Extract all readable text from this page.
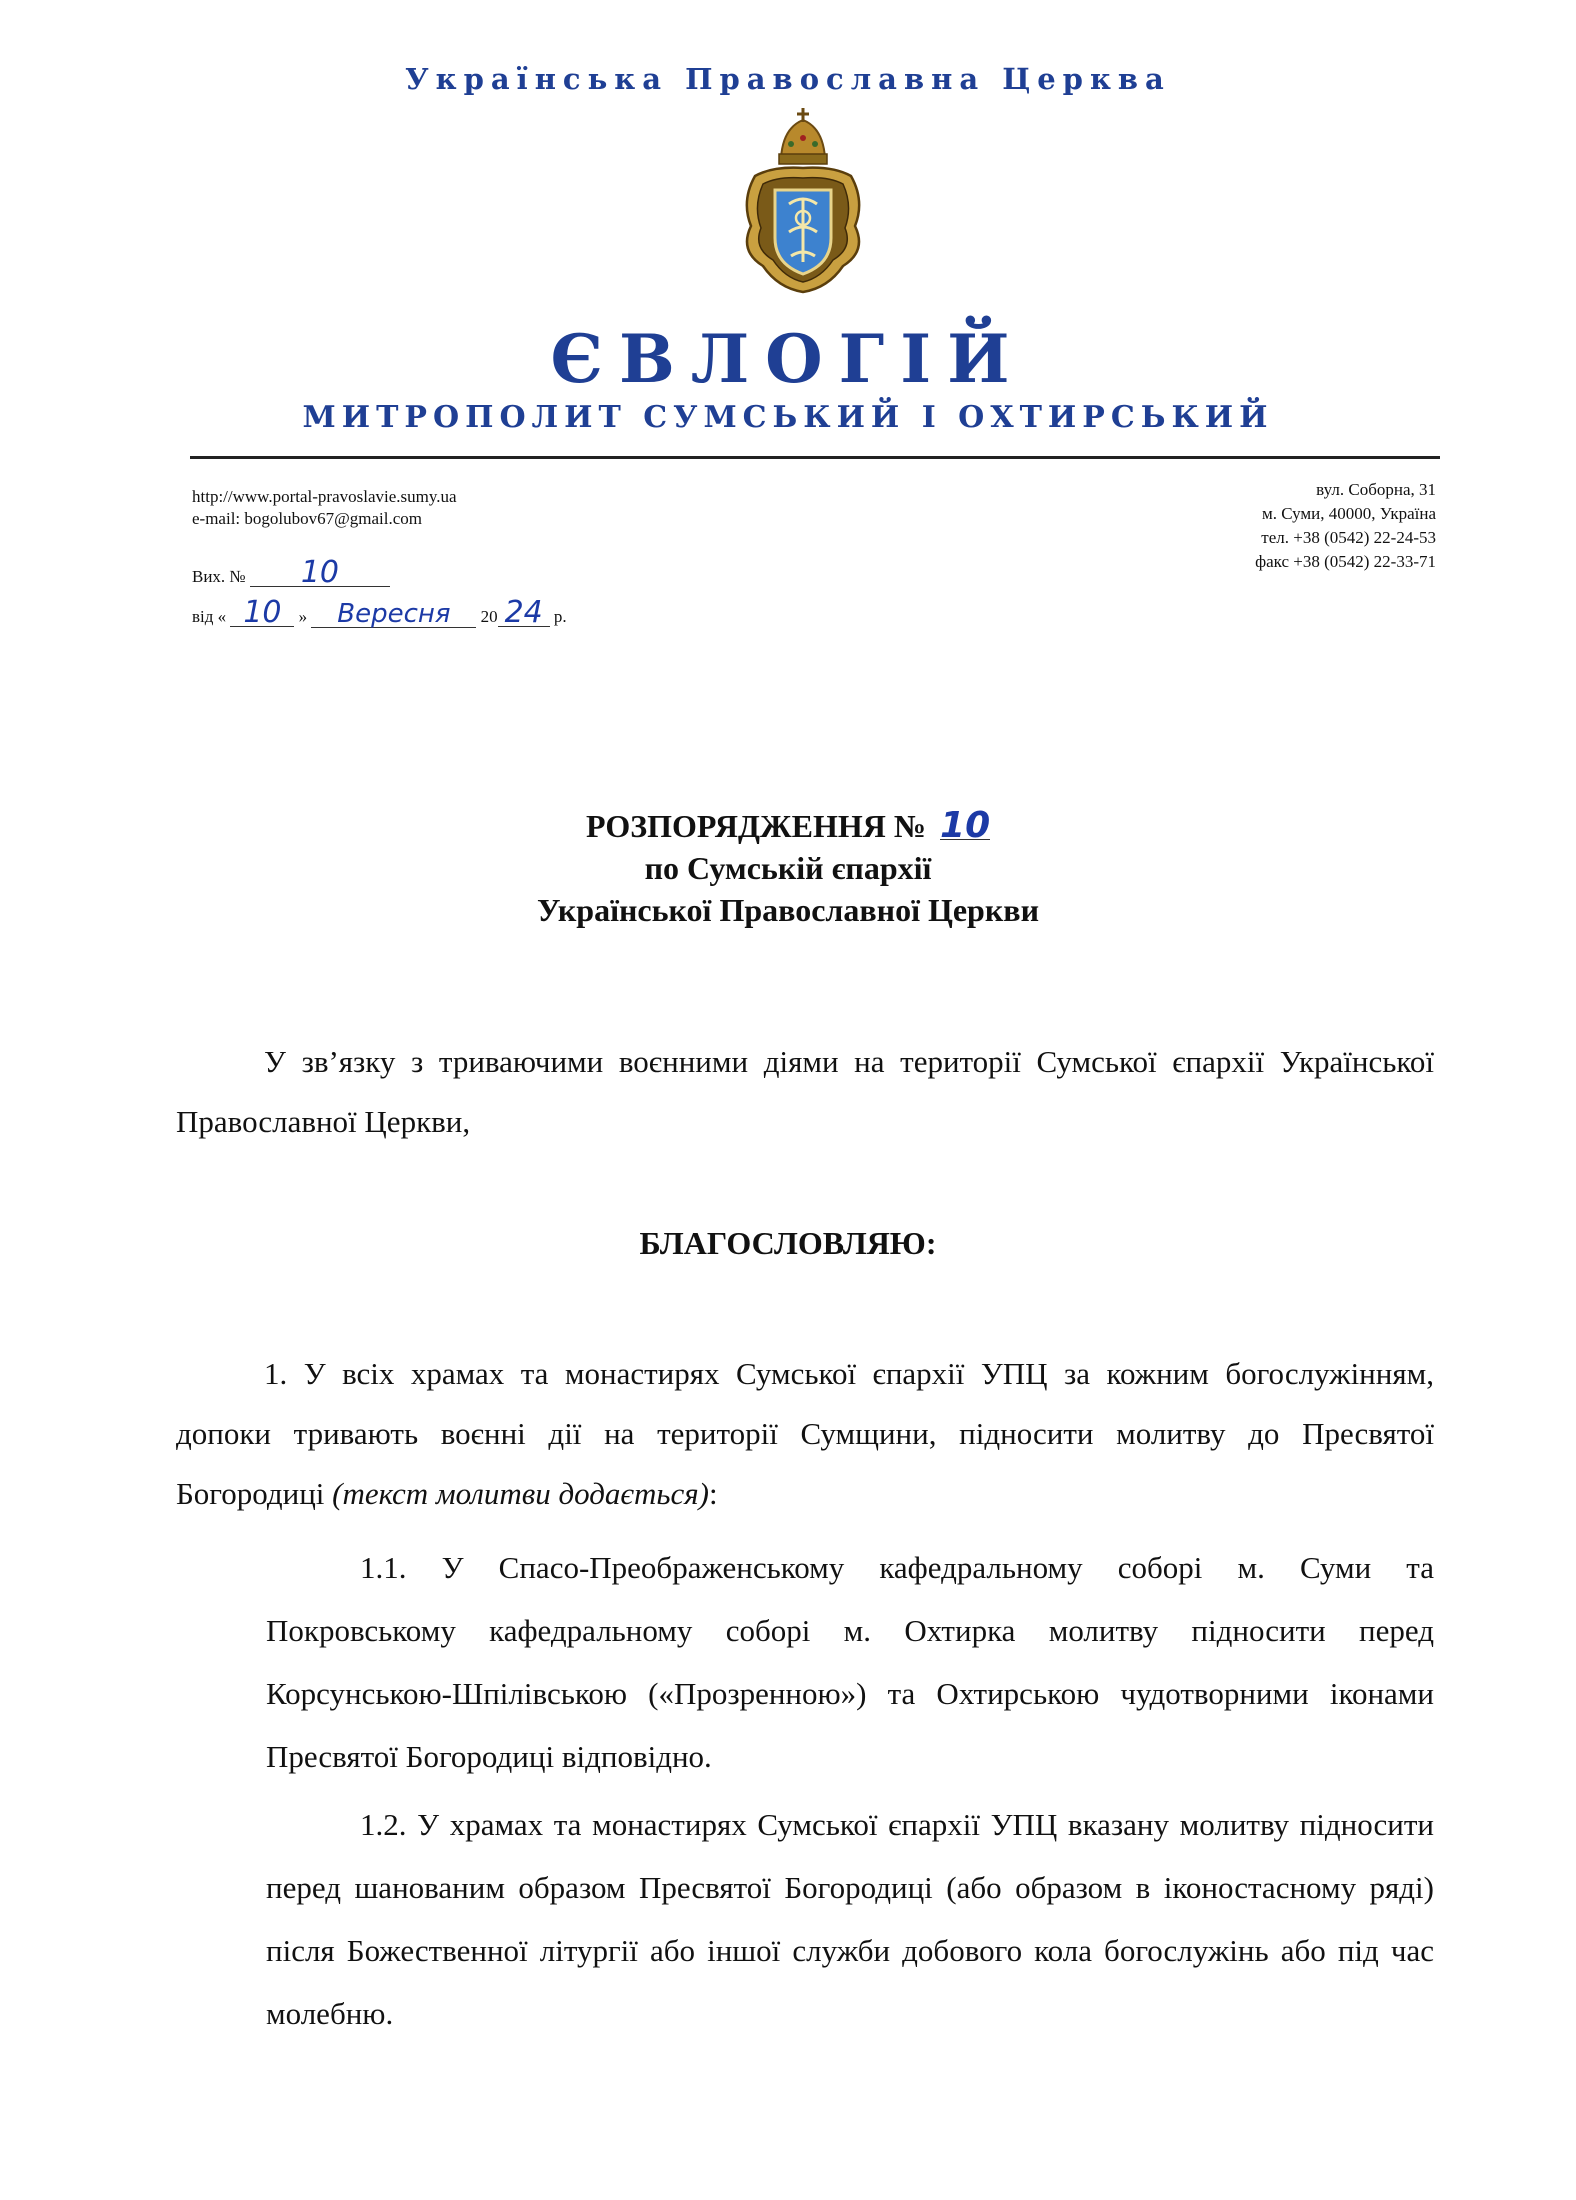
Українська Православна Церква
ЄВЛОГІЙ
МИТРОПОЛИТ СУМСЬКИЙ І ОХТИРСЬКИЙ
http://www.portal-pravoslavie.sumy.ua
e-mail: bogolubov67@gmail.com
вул. Соборна, 31
м. Суми, 40000, Україна
тел. +38 (0542) 22-24-53
факс +38 (0542) 22-33-71
Вих. № 10
від « 10 » Вересня 20 24 р.
РОЗПОРЯДЖЕННЯ № 10
по Сумській єпархії
Української Православної Церкви
У зв’язку з триваючими воєнними діями на території Сумської єпархії Української Православної Церкви,
БЛАГОСЛОВЛЯЮ:
1. У всіх храмах та монастирях Сумської єпархії УПЦ за кожним богослужінням, допоки тривають воєнні дії на території Сумщини, підносити молитву до Пресвятої Богородиці (текст молитви додається):
1.1. У Спасо-Преображенському кафедральному соборі м. Суми та Покровському кафедральному соборі м. Охтирка молитву підносити перед Корсунською-Шпілівською («Прозренною») та Охтирською чудотворними іконами Пресвятої Богородиці відповідно.
1.2. У храмах та монастирях Сумської єпархії УПЦ вказану молитву підносити перед шанованим образом Пресвятої Богородиці (або образом в іконостасному ряді) після Божественної літургії або іншої служби добового кола богослужінь або під час молебню.
